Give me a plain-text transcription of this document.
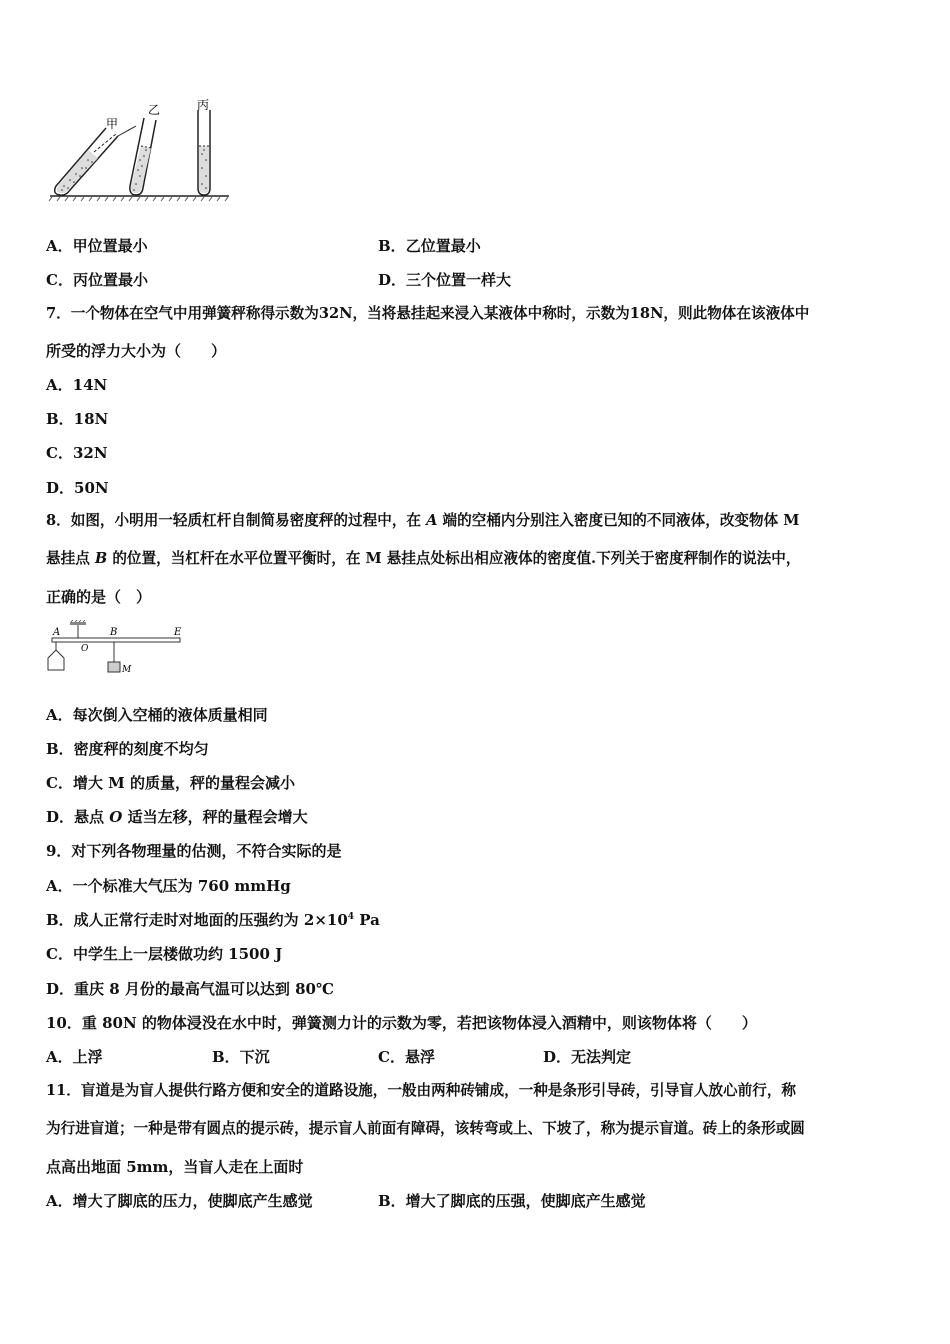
甲
乙	丙
A．甲位置最小	B．乙位置最小
C．丙位置最小	D．三个位置一样大
7．一个物体在空气中用弹簧秤称得示数为32N，当将悬挂起来浸入某液体中称时，示数为18N，则此物体在该液体中
所受的浮力大小为（　　）
A．14N
B．18N
C．32N
D．50N
8．如图，小明用一轻质杠杆自制简易密度秤的过程中，在 A 端的空桶内分别注入密度已知的不同液体，改变物体 M
悬挂点 B 的位置，当杠杆在水平位置平衡时，在 M 悬挂点处标出相应液体的密度值.下列关于密度秤制作的说法中，
正确的是（　）
A
O
B	E
M
A．每次倒入空桶的液体质量相同
B．密度秤的刻度不均匀
C．增大 M 的质量，秤的量程会减小
D．悬点 O 适当左移，秤的量程会增大
9．对下列各物理量的估测，不符合实际的是
A．一个标准大气压为 760 mmHg
B．成人正常行走时对地面的压强约为 $2\times 10^4$ Pa
C．中学生上一层楼做功约 1500 J
D．重庆 8 月份的最高气温可以达到 80℃
10．重 80N 的物体浸没在水中时，弹簧测力计的示数为零，若把该物体浸入酒精中，则该物体将（　　）
A．上浮	B．下沉	C．悬浮	D．无法判定
11．盲道是为盲人提供行路方便和安全的道路设施，一般由两种砖铺成，一种是条形引导砖，引导盲人放心前行，称
为行进盲道；一种是带有圆点的提示砖，提示盲人前面有障碍，该转弯或上、下坡了，称为提示盲道。砖上的条形或圆
点高出地面 5mm，当盲人走在上面时
A．增大了脚底的压力，使脚底产生感觉	B．增大了脚底的压强，使脚底产生感觉
